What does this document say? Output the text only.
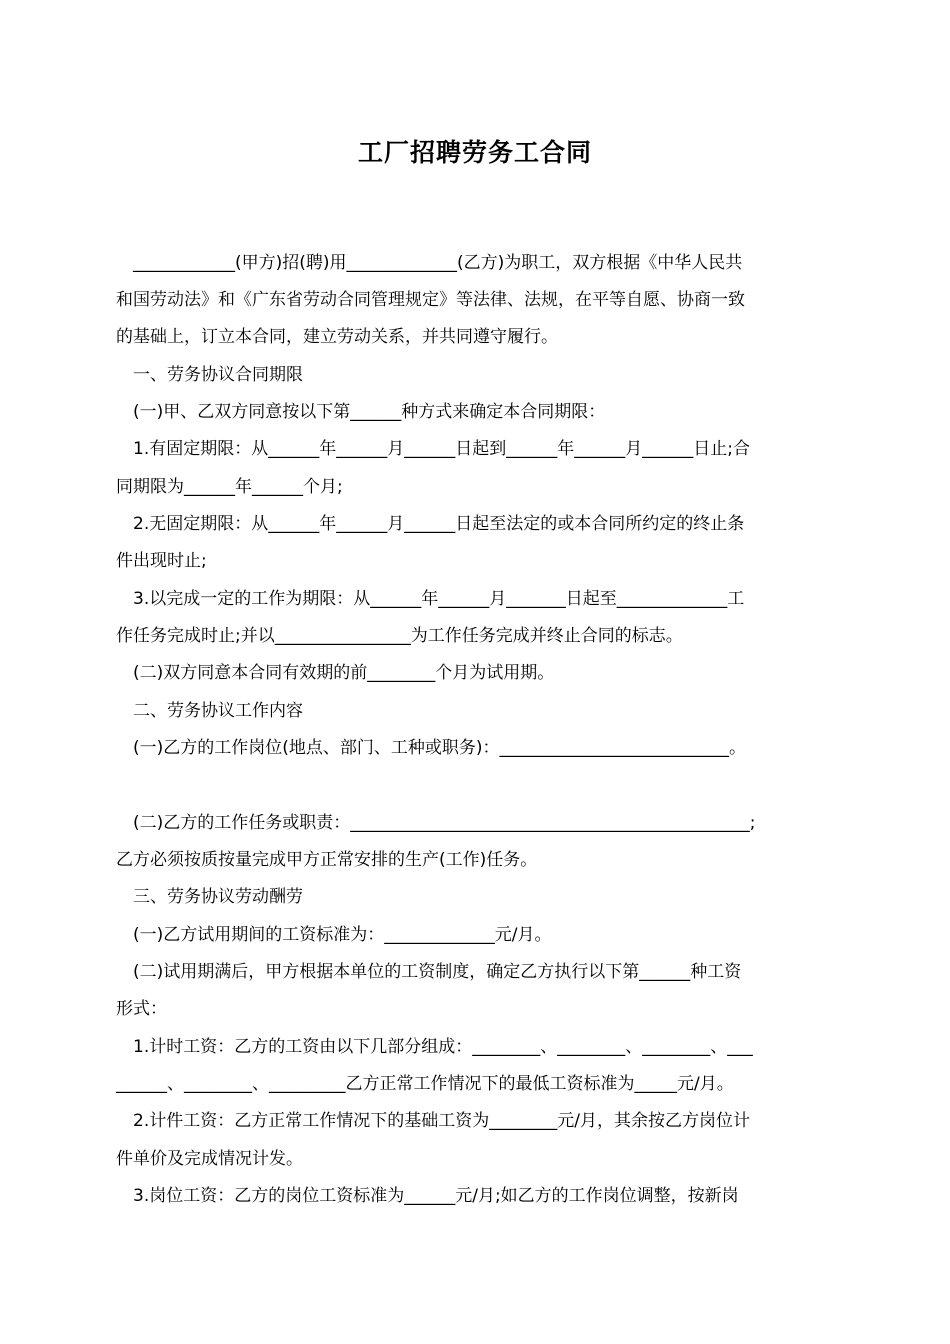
工厂招聘劳务工合同
____________(甲方)招(聘)用_____________(乙方)为职工，双方根据《中华人民共
和国劳动法》和《广东省劳动合同管理规定》等法律、法规，在平等自愿、协商一致
的基础上，订立本合同，建立劳动关系，并共同遵守履行。
一、劳务协议合同期限
(一)甲、乙双方同意按以下第______种方式来确定本合同期限：
1.有固定期限：从______年______月______日起到______年______月______日止;合
同期限为______年______个月;
2.无固定期限：从______年______月______日起至法定的或本合同所约定的终止条
件出现时止;
3.以完成一定的工作为期限：从______年______月_______日起至_____________工
作任务完成时止;并以________________为工作任务完成并终止合同的标志。
(二)双方同意本合同有效期的前________个月为试用期。
二、劳务协议工作内容
(一)乙方的工作岗位(地点、部门、工种或职务)：___________________________。
(二)乙方的工作任务或职责：_______________________________________________;
乙方必须按质按量完成甲方正常安排的生产(工作)任务。
三、劳务协议劳动酬劳
(一)乙方试用期间的工资标准为：_____________元/月。
(二)试用期满后，甲方根据本单位的工资制度，确定乙方执行以下第______种工资
形式：
1.计时工资：乙方的工资由以下几部分组成：________、________、________、___
______、________、_________乙方正常工作情况下的最低工资标准为_____元/月。
2.计件工资：乙方正常工作情况下的基础工资为________元/月，其余按乙方岗位计
件单价及完成情况计发。
3.岗位工资：乙方的岗位工资标准为______元/月;如乙方的工作岗位调整，按新岗
